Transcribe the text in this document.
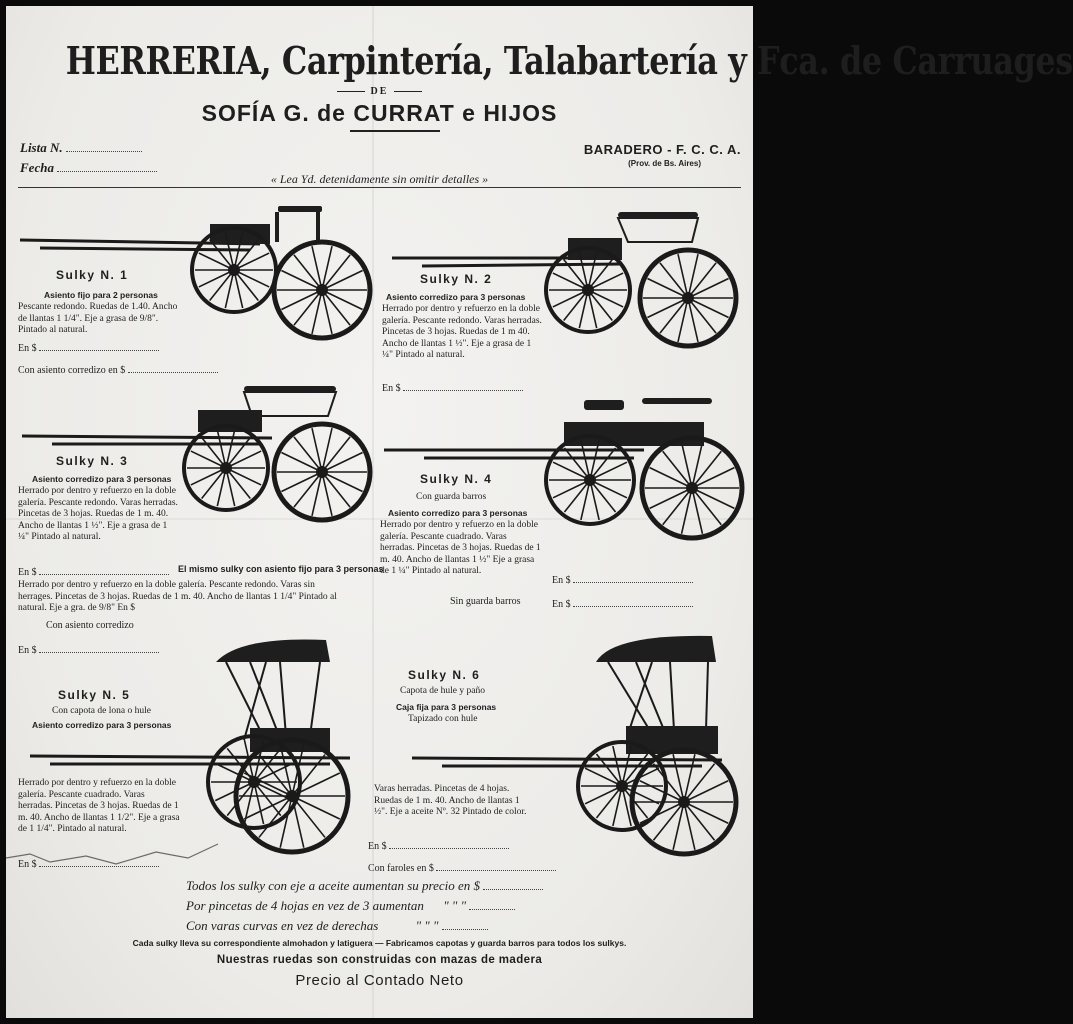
HERRERIA, Carpintería, Talabartería y Fca. de Carruages
DE
SOFÍA G. de CURRAT e HIJOS
Lista N.
Fecha
BARADERO - F. C. C. A.
(Prov. de Bs. Aires)
« Lea Yd. detenidamente sin omitir detalles »
Sulky N. 1
Asiento fijo para 2 personas
Pescante redondo. Ruedas de 1.40. Ancho de llantas 1 1/4". Eje a grasa de 9/8". Pintado al natural.
En $
Con asiento corredizo en $
Sulky N. 2
Asiento corredizo para 3 personas
Herrado por dentro y refuerzo en la doble galería. Pescante redondo. Varas herradas. Pincetas de 3 hojas. Ruedas de 1 m 40. Ancho de llantas 1 ½". Eje a grasa de 1 ¼" Pintado al natural.
En $
Sulky N. 3
Asiento corredizo para 3 personas
Herrado por dentro y refuerzo en la doble galería. Pescante redondo. Varas herradas. Pincetas de 3 hojas. Ruedas de 1 m. 40. Ancho de llantas 1 ½". Eje a grasa de 1 ¼" Pintado al natural.
En $	El mismo sulky con asiento fijo para 3 personas
Herrado por dentro y refuerzo en la doble galería. Pescante redondo. Varas sin herrages. Pincetas de 3 hojas. Ruedas de 1 m. 40. Ancho de llantas 1 1/4" Pintado al natural. Eje a gra. de 9/8" En $
Con asiento corredizo
En $
Sulky N. 4
Con guarda barros
Asiento corredizo para 3 personas
Herrado por dentro y refuerzo en la doble galería. Pescante cuadrado. Varas herradas. Pincetas de 3 hojas. Ruedas de 1 m. 40. Ancho de llantas 1 ½" Eje a grasa de 1 ¼" Pintado al natural.
En $
Sin guarda barros	En $
Sulky N. 5
Con capota de lona o hule
Asiento corredizo para 3 personas
Herrado por dentro y refuerzo en la doble galería. Pescante cuadrado. Varas herradas. Pincetas de 3 hojas. Ruedas de 1 m. 40. Ancho de llantas 1 1/2". Eje a grasa de 1 1/4". Pintado al natural.
En $
Sulky N. 6
Capota de hule y paño
Caja fija para 3 personas
Tapizado con hule
Varas herradas. Pincetas de 4 hojas. Ruedas de 1 m. 40. Ancho de llantas 1 ½". Eje a aceite Nº. 32 Pintado de color.
En $
Con faroles en $
Todos los sulky con eje a aceite aumentan su precio en $
Por pincetas de 4 hojas en vez de 3 aumentan " " "
Con varas curvas en vez de derechas	" " "
Cada sulky lleva su correspondiente almohadon y latiguera — Fabricamos capotas y guarda barros para todos los sulkys.
Nuestras ruedas son construidas con mazas de madera
Precio al Contado Neto
